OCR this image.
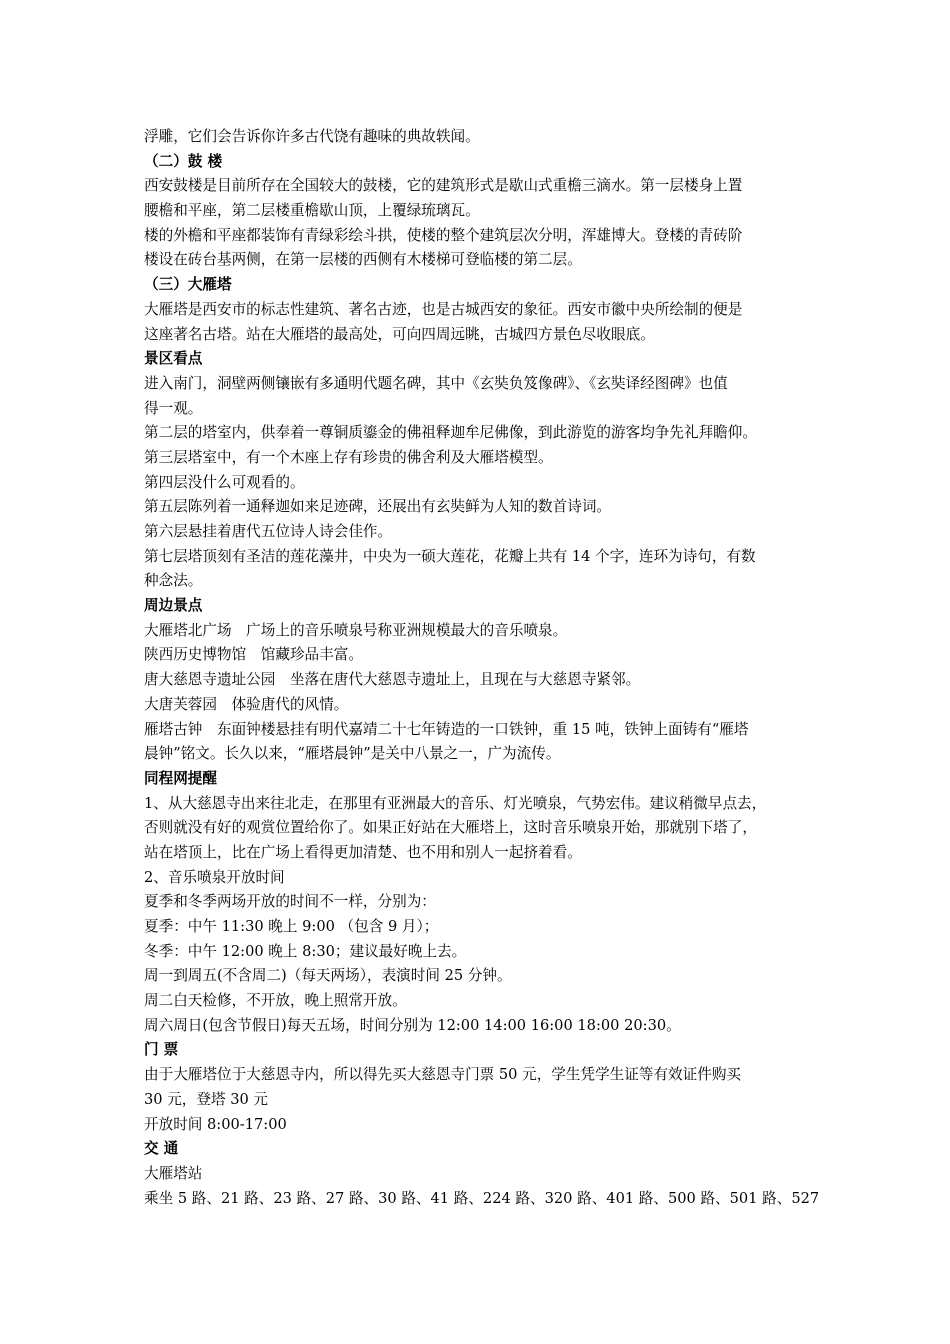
浮雕，它们会告诉你许多古代饶有趣味的典故轶闻。
（二）鼓 楼
西安鼓楼是目前所存在全国较大的鼓楼，它的建筑形式是歇山式重檐三滴水。第一层楼身上置
腰檐和平座，第二层楼重檐歇山顶，上覆绿琉璃瓦。
楼的外檐和平座都装饰有青绿彩绘斗拱，使楼的整个建筑层次分明，浑雄博大。登楼的青砖阶
楼设在砖台基两侧，在第一层楼的西侧有木楼梯可登临楼的第二层。
（三）大雁塔
大雁塔是西安市的标志性建筑、著名古迹，也是古城西安的象征。西安市徽中央所绘制的便是
这座著名古塔。站在大雁塔的最高处，可向四周远眺，古城四方景色尽收眼底。
景区看点
进入南门，洞壁两侧镶嵌有多通明代题名碑，其中《玄奘负笈像碑》、《玄奘译经图碑》也值
得一观。
第二层的塔室内，供奉着一尊铜质鎏金的佛祖释迦牟尼佛像，到此游览的游客均争先礼拜瞻仰。
第三层塔室中，有一个木座上存有珍贵的佛舍利及大雁塔模型。
第四层没什么可观看的。
第五层陈列着一通释迦如来足迹碑，还展出有玄奘鲜为人知的数首诗词。
第六层悬挂着唐代五位诗人诗会佳作。
第七层塔顶刻有圣洁的莲花藻井，中央为一硕大莲花，花瓣上共有 14 个字，连环为诗句，有数
种念法。
周边景点
大雁塔北广场　广场上的音乐喷泉号称亚洲规模最大的音乐喷泉。
陕西历史博物馆　馆藏珍品丰富。
唐大慈恩寺遗址公园　坐落在唐代大慈恩寺遗址上，且现在与大慈恩寺紧邻。
大唐芙蓉园　体验唐代的风情。
雁塔古钟　东面钟楼悬挂有明代嘉靖二十七年铸造的一口铁钟，重 15 吨，铁钟上面铸有“雁塔
晨钟”铭文。长久以来，“雁塔晨钟”是关中八景之一，广为流传。
同程网提醒
1、从大慈恩寺出来往北走，在那里有亚洲最大的音乐、灯光喷泉，气势宏伟。建议稍微早点去，
否则就没有好的观赏位置给你了。如果正好站在大雁塔上，这时音乐喷泉开始，那就别下塔了，
站在塔顶上，比在广场上看得更加清楚、也不用和别人一起挤着看。
2、音乐喷泉开放时间
夏季和冬季两场开放的时间不一样，分别为：
夏季：中午 11:30 晚上 9:00 （包含 9 月）；
冬季：中午 12:00 晚上 8:30；建议最好晚上去。
周一到周五(不含周二)（每天两场），表演时间 25 分钟。
周二白天检修，不开放，晚上照常开放。
周六周日(包含节假日)每天五场，时间分别为 12:00 14:00 16:00 18:00 20:30。
门 票
由于大雁塔位于大慈恩寺内，所以得先买大慈恩寺门票 50 元，学生凭学生证等有效证件购买
30 元，登塔 30 元
开放时间 8:00-17:00
交 通
大雁塔站
乘坐 5 路、21 路、23 路、27 路、30 路、41 路、224 路、320 路、401 路、500 路、501 路、527
